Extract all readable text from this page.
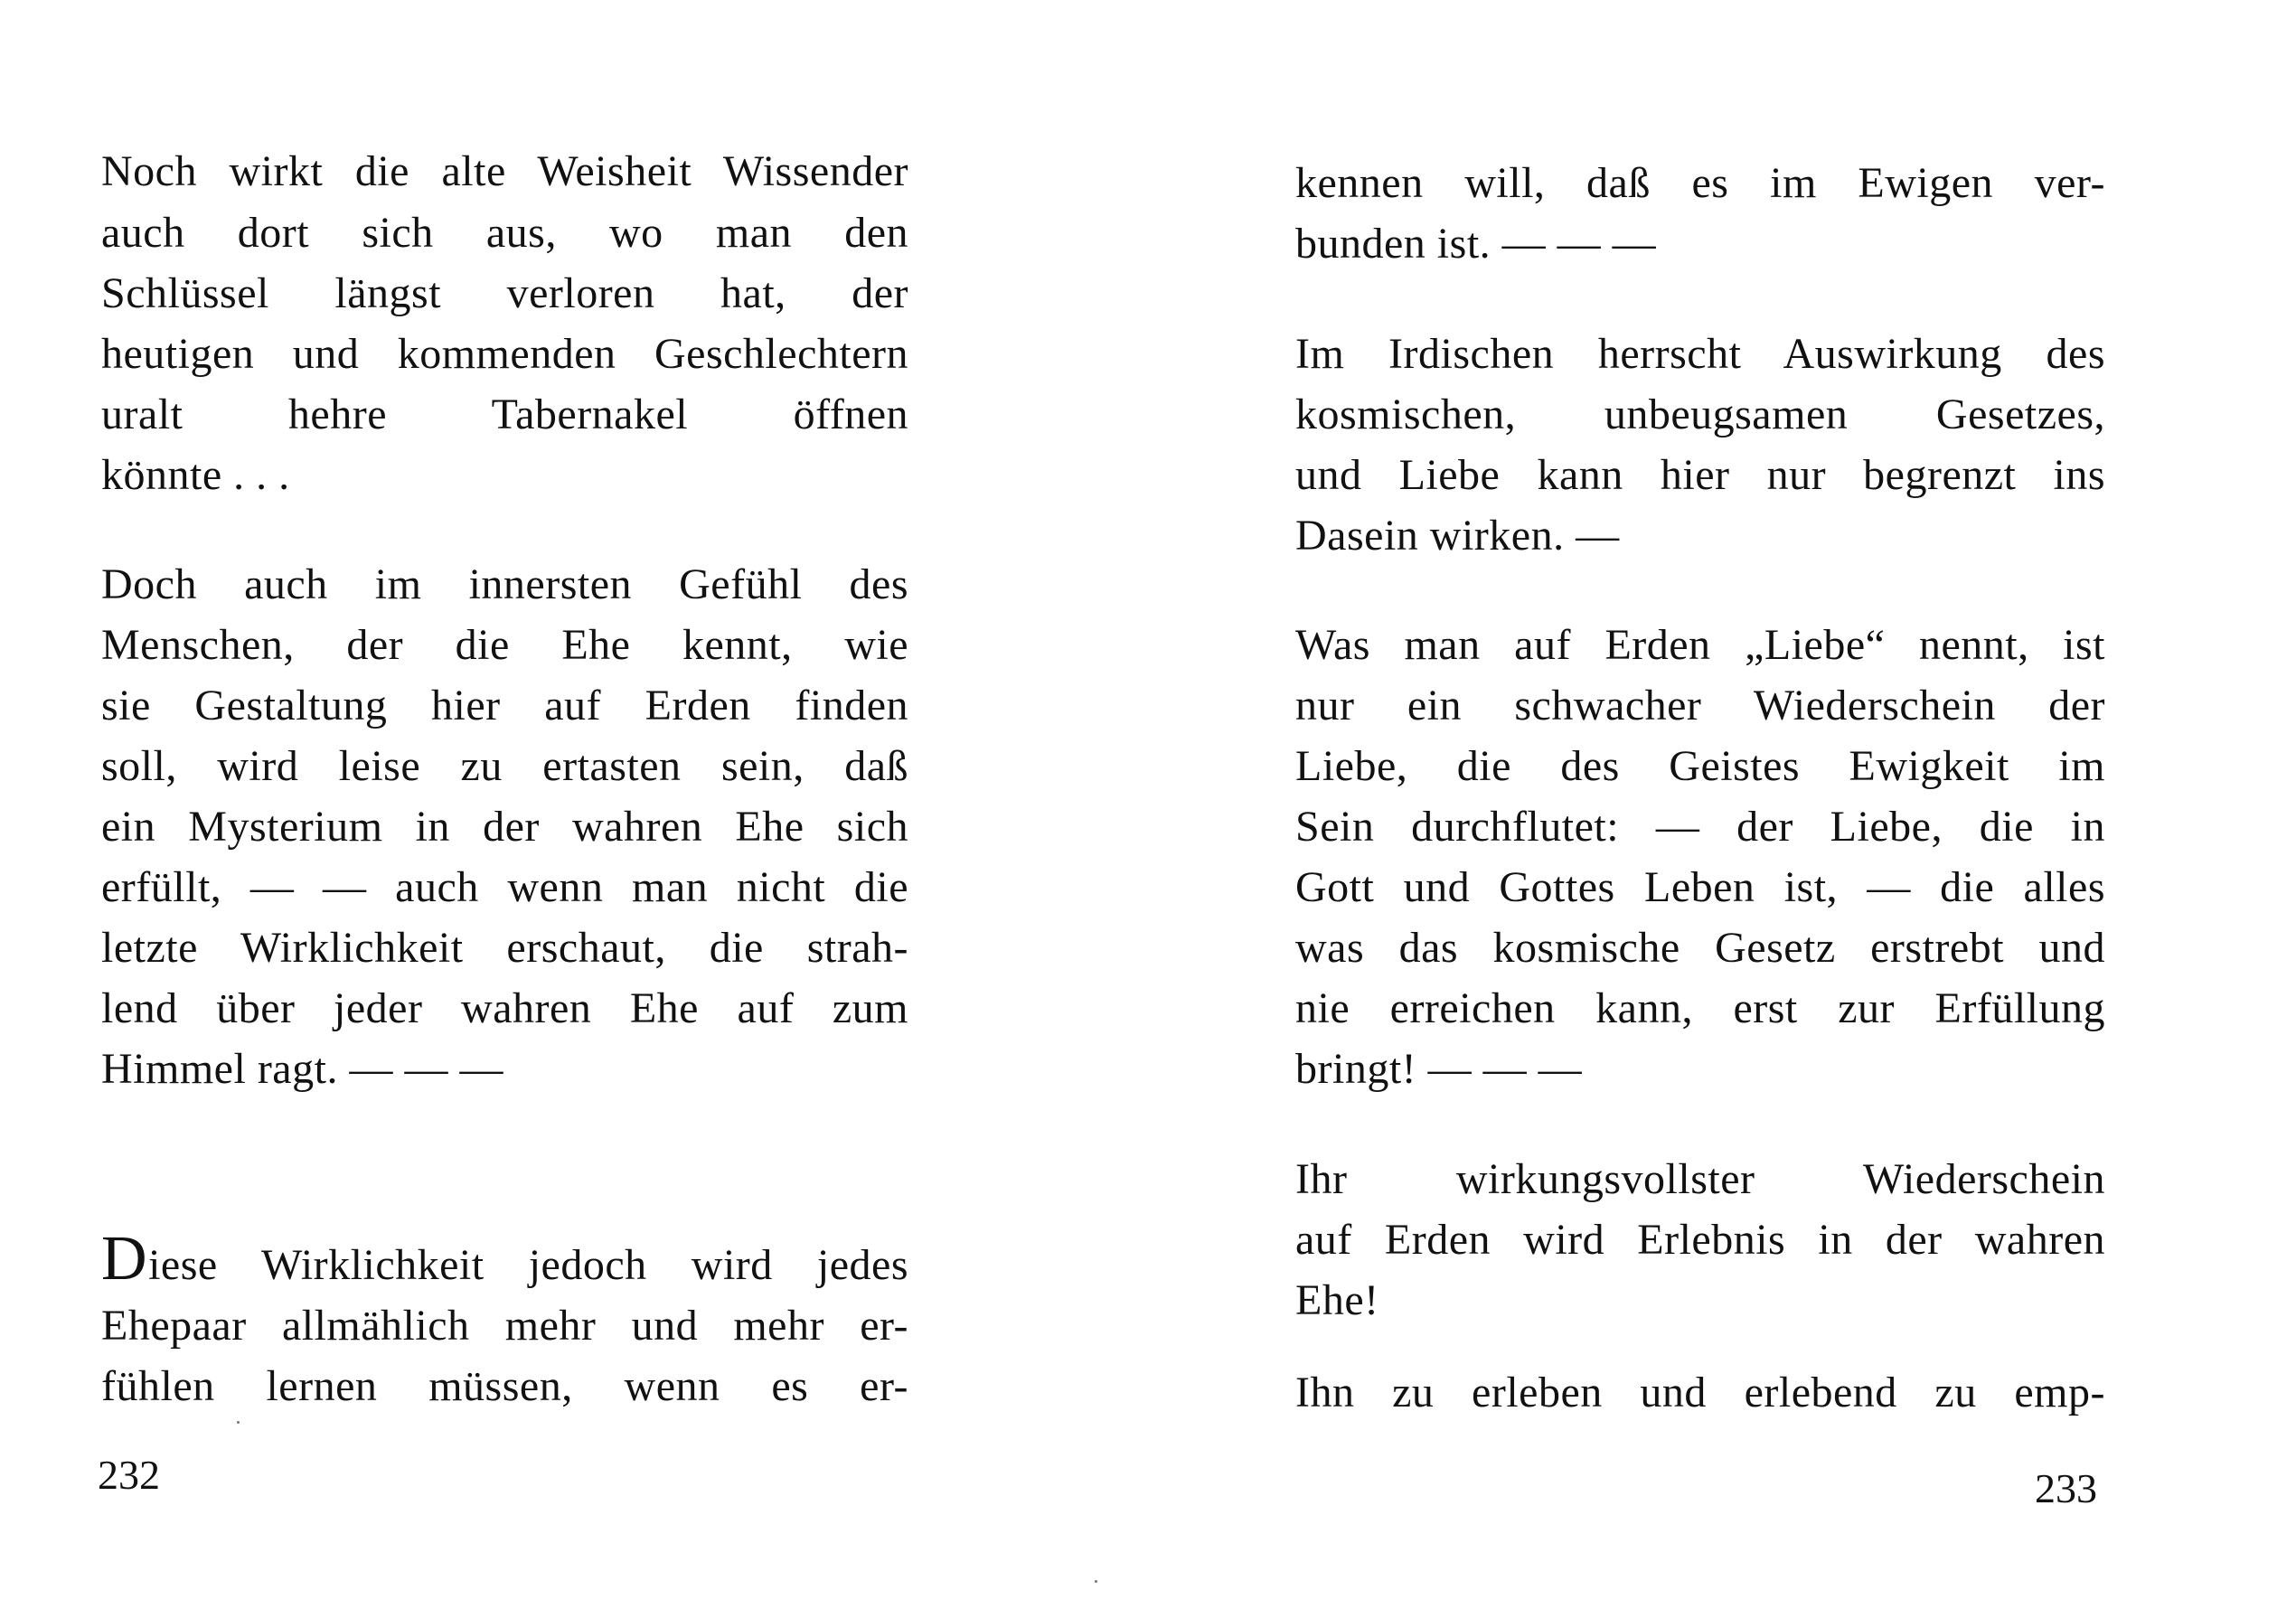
Noch wirkt die alte Weisheit Wissender
auch dort sich aus, wo man den
Schlüssel längst verloren hat, der
heutigen und kommenden Geschlechtern
uralt hehre Tabernakel öffnen
könnte . . .
Doch auch im innersten Gefühl des
Menschen, der die Ehe kennt, wie
sie Gestaltung hier auf Erden finden
soll, wird leise zu ertasten sein, daß
ein Mysterium in der wahren Ehe sich
erfüllt, — — auch wenn man nicht die
letzte Wirklichkeit erschaut, die strah-
lend über jeder wahren Ehe auf zum
Himmel ragt. — — —
Diese Wirklichkeit jedoch wird jedes
Ehepaar allmählich mehr und mehr er-
fühlen lernen müssen, wenn es er-
232
kennen will, daß es im Ewigen ver-
bunden ist. — — —
Im Irdischen herrscht Auswirkung des
kosmischen, unbeugsamen Gesetzes,
und Liebe kann hier nur begrenzt ins
Dasein wirken. —
Was man auf Erden „Liebe“ nennt, ist
nur ein schwacher Wiederschein der
Liebe, die des Geistes Ewigkeit im
Sein durchflutet: — der Liebe, die in
Gott und Gottes Leben ist, — die alles
was das kosmische Gesetz erstrebt und
nie erreichen kann, erst zur Erfüllung
bringt! — — —
Ihr wirkungsvollster Wiederschein
auf Erden wird Erlebnis in der wahren
Ehe!
Ihn zu erleben und erlebend zu emp-
233
